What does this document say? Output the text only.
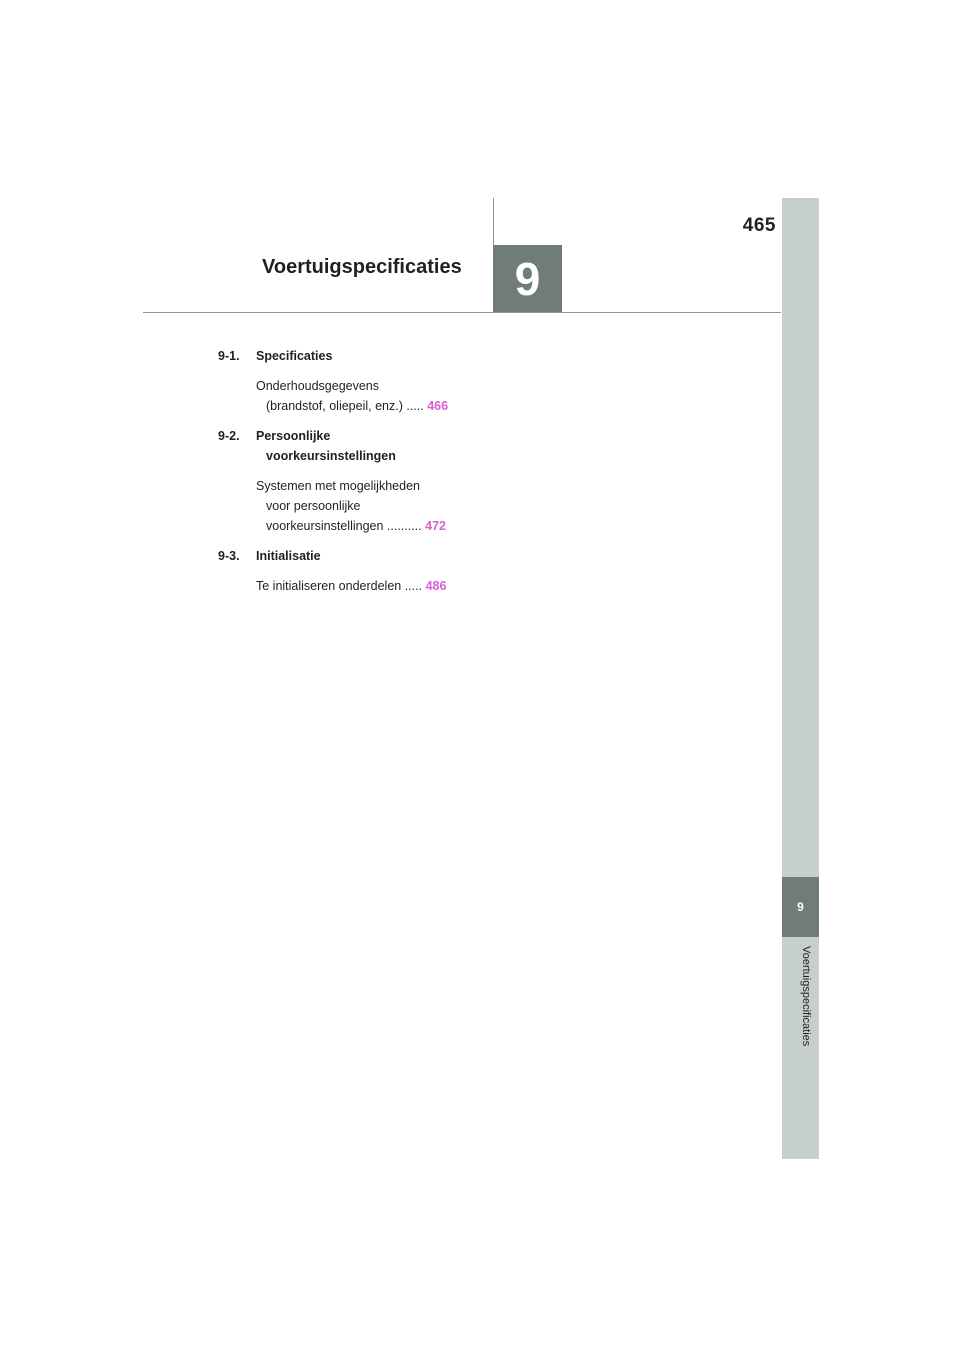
465
Voertuigspecificaties	9
9
Voertuigspecificaties
9-1. Specificaties
Onderhoudsgegevens
(brandstof, oliepeil, enz.) ..... 466
9-2. Persoonlijke
voorkeursinstellingen
Systemen met mogelijkheden
voor persoonlijke
voorkeursinstellingen .......... 472
9-3. Initialisatie
Te initialiseren onderdelen ..... 486
